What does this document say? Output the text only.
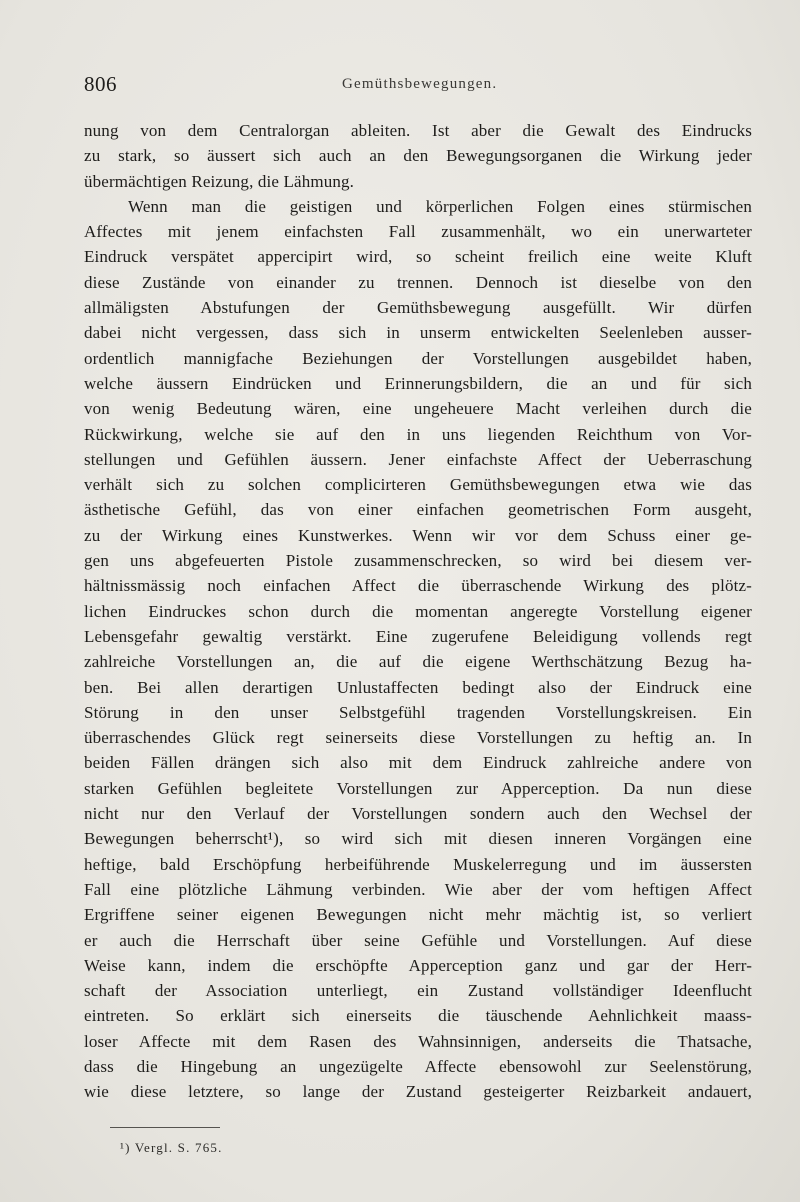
806	Gemüthsbewegungen.
nung von dem Centralorgan ableiten. Ist aber die Gewalt des Eindrucks
zu stark, so äussert sich auch an den Bewegungsorganen die Wirkung jeder
übermächtigen Reizung, die Lähmung.
Wenn man die geistigen und körperlichen Folgen eines stürmischen
Affectes mit jenem einfachsten Fall zusammenhält, wo ein unerwarteter
Eindruck verspätet appercipirt wird, so scheint freilich eine weite Kluft
diese Zustände von einander zu trennen. Dennoch ist dieselbe von den
allmäligsten Abstufungen der Gemüthsbewegung ausgefüllt. Wir dürfen
dabei nicht vergessen, dass sich in unserm entwickelten Seelenleben ausser-
ordentlich mannigfache Beziehungen der Vorstellungen ausgebildet haben,
welche äussern Eindrücken und Erinnerungsbildern, die an und für sich
von wenig Bedeutung wären, eine ungeheuere Macht verleihen durch die
Rückwirkung, welche sie auf den in uns liegenden Reichthum von Vor-
stellungen und Gefühlen äussern. Jener einfachste Affect der Ueberraschung
verhält sich zu solchen complicirteren Gemüthsbewegungen etwa wie das
ästhetische Gefühl, das von einer einfachen geometrischen Form ausgeht,
zu der Wirkung eines Kunstwerkes. Wenn wir vor dem Schuss einer ge-
gen uns abgefeuerten Pistole zusammenschrecken, so wird bei diesem ver-
hältnissmässig noch einfachen Affect die überraschende Wirkung des plötz-
lichen Eindruckes schon durch die momentan angeregte Vorstellung eigener
Lebensgefahr gewaltig verstärkt. Eine zugerufene Beleidigung vollends regt
zahlreiche Vorstellungen an, die auf die eigene Werthschätzung Bezug ha-
ben. Bei allen derartigen Unlustaffecten bedingt also der Eindruck eine
Störung in den unser Selbstgefühl tragenden Vorstellungskreisen. Ein
überraschendes Glück regt seinerseits diese Vorstellungen zu heftig an. In
beiden Fällen drängen sich also mit dem Eindruck zahlreiche andere von
starken Gefühlen begleitete Vorstellungen zur Apperception. Da nun diese
nicht nur den Verlauf der Vorstellungen sondern auch den Wechsel der
Bewegungen beherrscht¹), so wird sich mit diesen inneren Vorgängen eine
heftige, bald Erschöpfung herbeiführende Muskelerregung und im äussersten
Fall eine plötzliche Lähmung verbinden. Wie aber der vom heftigen Affect
Ergriffene seiner eigenen Bewegungen nicht mehr mächtig ist, so verliert
er auch die Herrschaft über seine Gefühle und Vorstellungen. Auf diese
Weise kann, indem die erschöpfte Apperception ganz und gar der Herr-
schaft der Association unterliegt, ein Zustand vollständiger Ideenflucht
eintreten. So erklärt sich einerseits die täuschende Aehnlichkeit maass-
loser Affecte mit dem Rasen des Wahnsinnigen, anderseits die Thatsache,
dass die Hingebung an ungezügelte Affecte ebensowohl zur Seelenstörung,
wie diese letztere, so lange der Zustand gesteigerter Reizbarkeit andauert,
¹) Vergl. S. 765.
